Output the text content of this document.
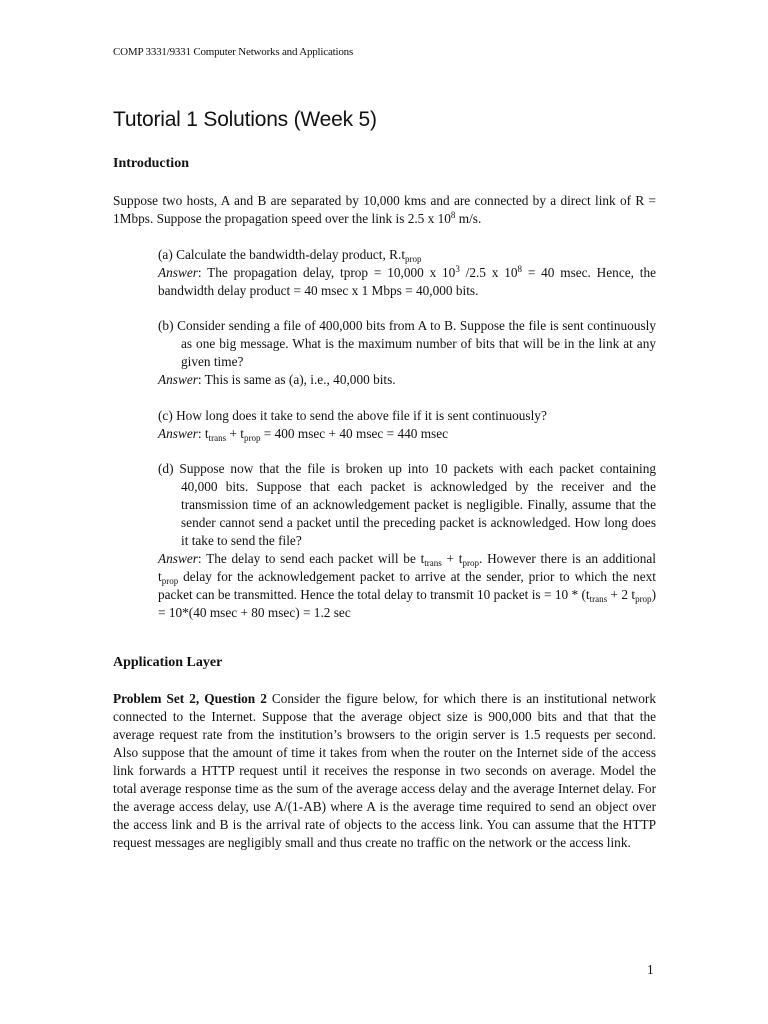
COMP 3331/9331 Computer Networks and Applications
Tutorial 1 Solutions (Week 5)
Introduction

Suppose two hosts, A and B are separated by 10,000 kms and are connected by a direct link of R = 1Mbps. Suppose the propagation speed over the link is 2.5 x $10^8$ m/s.

(a) Calculate the bandwidth-delay product, $R.t_{prop}$

Answer: The propagation delay, tprop = 10,000 x $10^3$ /2.5 x $10^8 = 40$ msec. Hence, the bandwidth delay product = 40 msec x 1 Mbps = 40,000 bits.

(b) Consider sending a file of 400,000 bits from A to B. Suppose the file is sent continuously as one big message. What is the maximum number of bits that will be in the link at any given time?

Answer: This is same as (a), i.e., 40,000 bits.

(c) How long does it take to send the above file if it is sent continuously?

Answer: $t_{trans} + t_{prop} = 400$ msec + 40 msec = 440 msec

(d) Suppose now that the file is broken up into 10 packets with each packet containing 40,000 bits. Suppose that each packet is acknowledged by the receiver and the transmission time of an acknowledgement packet is negligible. Finally, assume that the sender cannot send a packet until the preceding packet is acknowledged. How long does it take to send the file?

Answer: The delay to send each packet will be $t_{trans} + t_{prop}$. However there is an additional $t_{prop}$ delay for the acknowledgement packet to arrive at the sender, prior to which the next packet can be transmitted. Hence the total delay to transmit 10 packet is = $10 * (t_{trans} + 2$ $t_{prop}) = 10*(40$ msec + 80 msec) = 1.2 sec

Application Layer

Problem Set 2, Question 2 Consider the figure below, for which there is an institutional network connected to the Internet. Suppose that the average object size is 900,000 bits and that that the average request rate from the institution’s browsers to the origin server is 1.5 requests per second. Also suppose that the amount of time it takes from when the router on the Internet side of the access link forwards a HTTP request until it receives the response in two seconds on average. Model the total average response time as the sum of the average access delay and the average Internet delay. For the average access delay, use A/(1-AB) where A is the average time required to send an object over the access link and B is the arrival rate of objects to the access link. You can assume that the HTTP request messages are negligibly small and thus create no traffic on the network or the access link.

1
